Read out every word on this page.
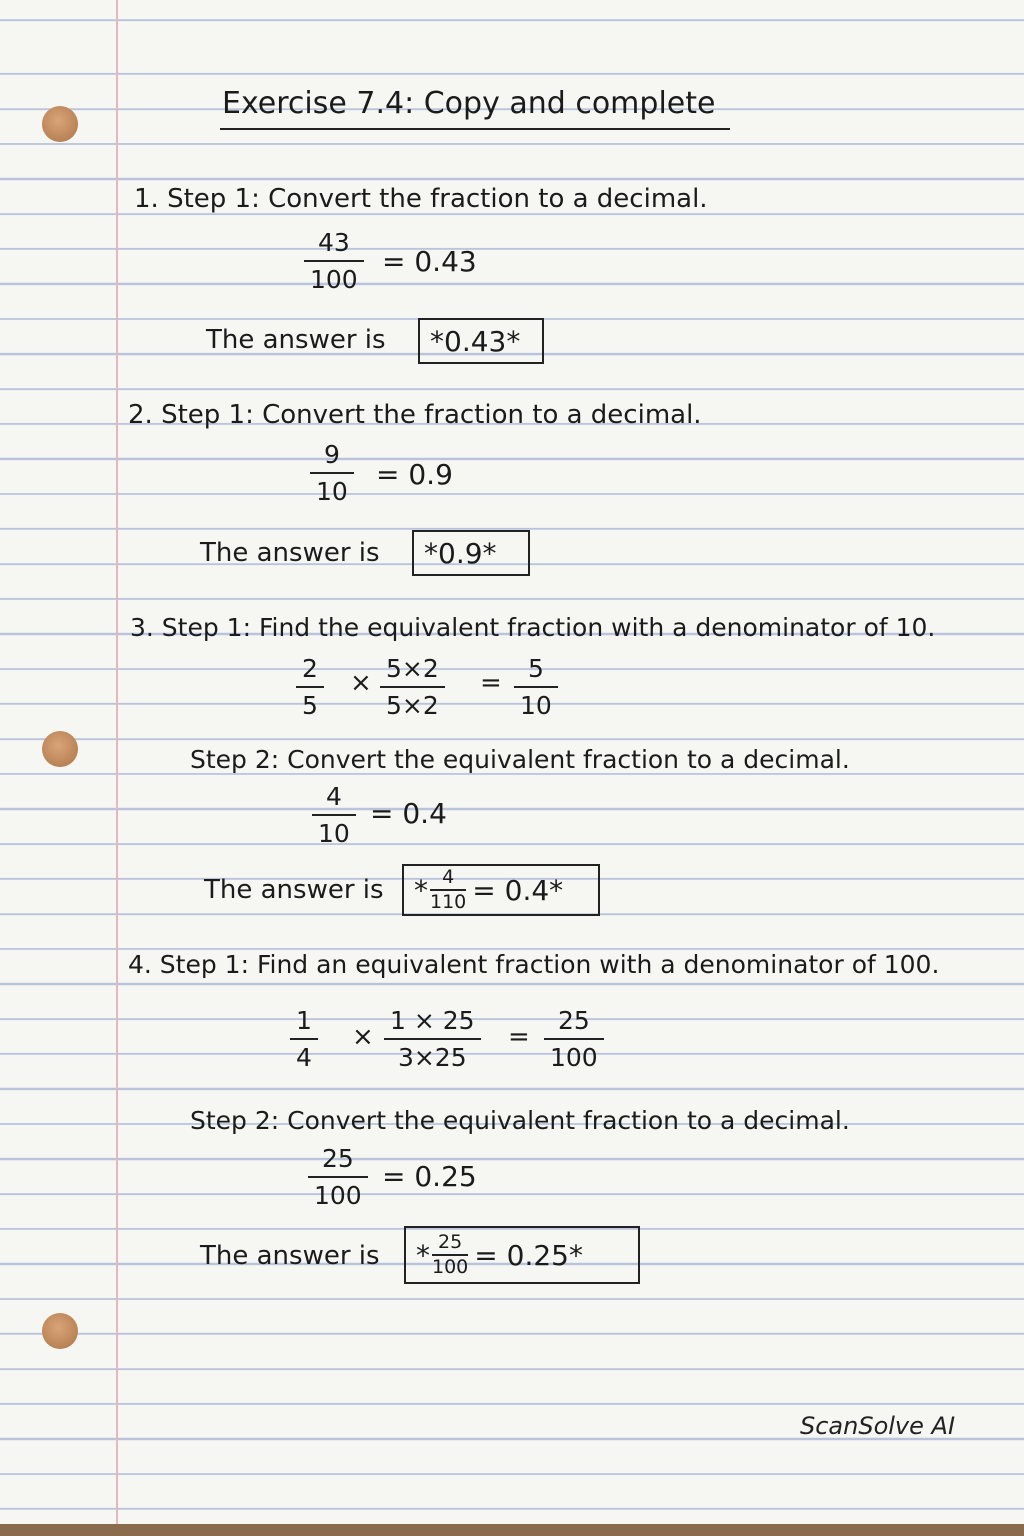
Exercise 7.4: Copy and complete
1. Step 1: Convert the fraction to a decimal.
43
100
= 0.43
The answer is *0.43*
2. Step 1: Convert the fraction to a decimal.
9
10
= 0.9
The answer is *0.9*
3. Step 1: Find the equivalent fraction with a denominator of 10.
2
5
× 5×2
5×2
= 5
10
Step 2: Convert the equivalent fraction to a decimal.
4
10
= 0.4
The answer is * $\frac{4}{110} = 0.4*$
4. Step 1: Find an equivalent fraction with a denominator of 100.
1
4
×
1 × 25
3×25
=
25
100
Step 2: Convert the equivalent fraction to a decimal.
25
100
= 0.25
The answer is * $\frac{25}{100} = 0.25*$
ScanSolve AI
